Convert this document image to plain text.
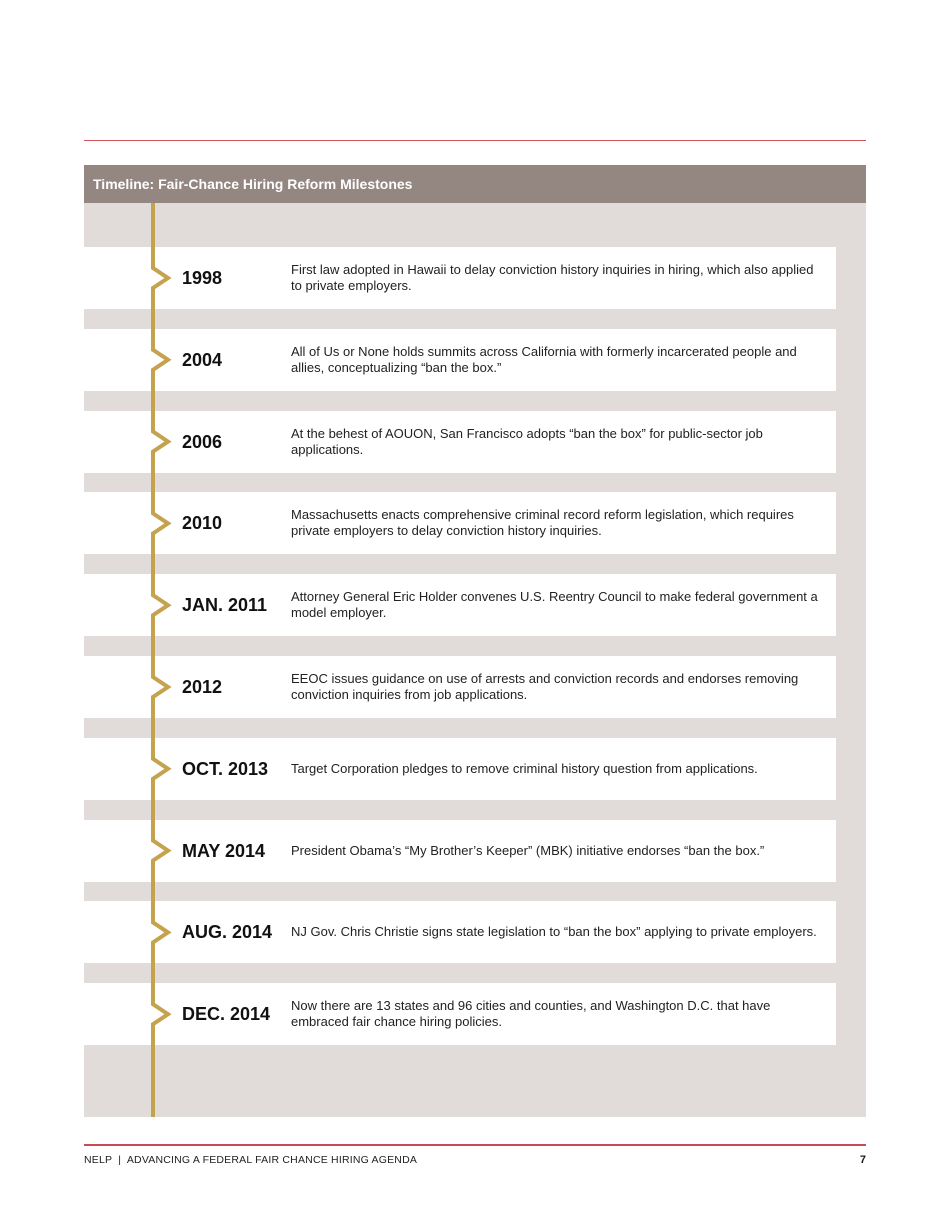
Timeline: Fair-Chance Hiring Reform Milestones
1998	First law adopted in Hawaii to delay conviction history inquiries in hiring, which also applied to private employers.
2004	All of Us or None holds summits across California with formerly incarcerated people and allies, conceptualizing “ban the box.”
2006	At the behest of AOUON, San Francisco adopts “ban the box” for public-sector job applications.
2010	Massachusetts enacts comprehensive criminal record reform legislation, which requires private employers to delay conviction history inquiries.
JAN. 2011 Attorney General Eric Holder convenes U.S. Reentry Council to make federal government a model employer.
2012	EEOC issues guidance on use of arrests and conviction records and endorses removing conviction inquiries from job applications.
OCT. 2013 Target Corporation pledges to remove criminal history question from applications.
MAY 2014 President Obama’s “My Brother’s Keeper” (MBK) initiative endorses “ban the box.”
AUG. 2014 NJ Gov. Chris Christie signs state legislation to “ban the box” applying to private employers.
DEC. 2014 Now there are 13 states and 96 cities and counties, and Washington D.C. that have embraced fair chance hiring policies.
NELP  |  ADVANCING A FEDERAL FAIR CHANCE HIRING AGENDA	7
